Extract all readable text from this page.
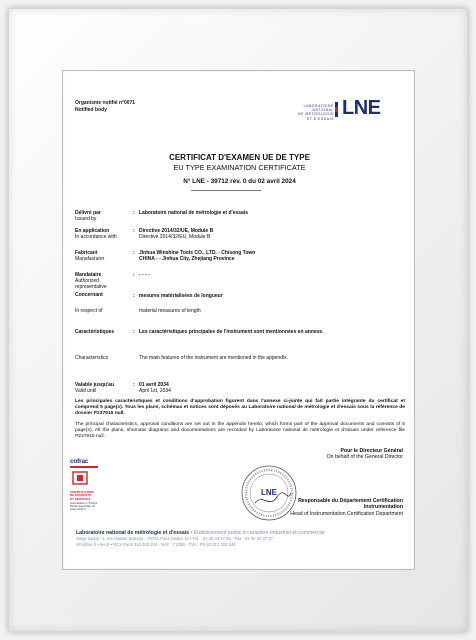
Organisme notifié n°0071
Notified body
LABORATOIRE
NATIONAL
DE MÉTROLOGIE
ET D'ESSAIS LNE
CERTIFICAT D'EXAMEN UE DE TYPE
EU TYPE EXAMINATION CERTIFICATE
N° LNE - 39712 rév. 0 du 02 avril 2024
Délivré par
Issued by
: Laboratoire national de métrologie et d'essais
En application
In accordance with
: Directive 2014/32/UE, Module B
Directive 2014/32/EU, Module B
Fabricant
Manufacturer
: Jinhua Winshine Tools CO., LTD. - Chisong Town
CHINA - - Jinhua City, Zhejiang Province
Mandataire
Authorized representative
: - - - -
Concernant	: mesures matérialisées de longueur
In respect of	material measures of length
Caractéristiques	: Les caractéristiques principales de l'instrument sont mentionnées en annexe.
Characteristics	The main features of the instrument are mentioned in the appendix.
Valable jusqu'au
Valid until
: 01 avril 2034
April 1st, 2034
Les principales caractéristiques et conditions d'approbation figurent dans l'annexe ci-jointe qui fait partie intégrante du certificat et comprend 5 page(s). Tous les plans, schémas et notices sont déposés au Laboratoire national de métrologie et d'essais sous la référence de dossier P237915 null.
The principal characteristics, approval conditions are set out in the appendix hereto, which forms part of the approval documents and consists of 5 page(s). All the plans, shematic diagrams and documentations are recorded by Laboratoire national de métrologie et d'essais under reference file P237915 null.
Pour le Directeur Général
On behalf of the General Director
LNE
Responsable du Département Certification Instrumentation
Head of Instrumentation Certification Department
cofrac
CERTIFICATION
DE PRODUITS
ET SERVICES
Accréditation n°5-0012
Portée disponible sur
www.cofrac.fr
Laboratoire national de métrologie et d'essais • Établissement public à caractère industriel et commercial
Siège social : 1, rue Gaston Boissier - 75724 Paris Cedex 15 • Tél. : 01 40 43 37 00 - Fax : 01 40 43 37 37
info@lne.fr • lne.fr • RCS Paris 313 320 244 - NAF : 7120B - TVA : FR 92 313 320 244
